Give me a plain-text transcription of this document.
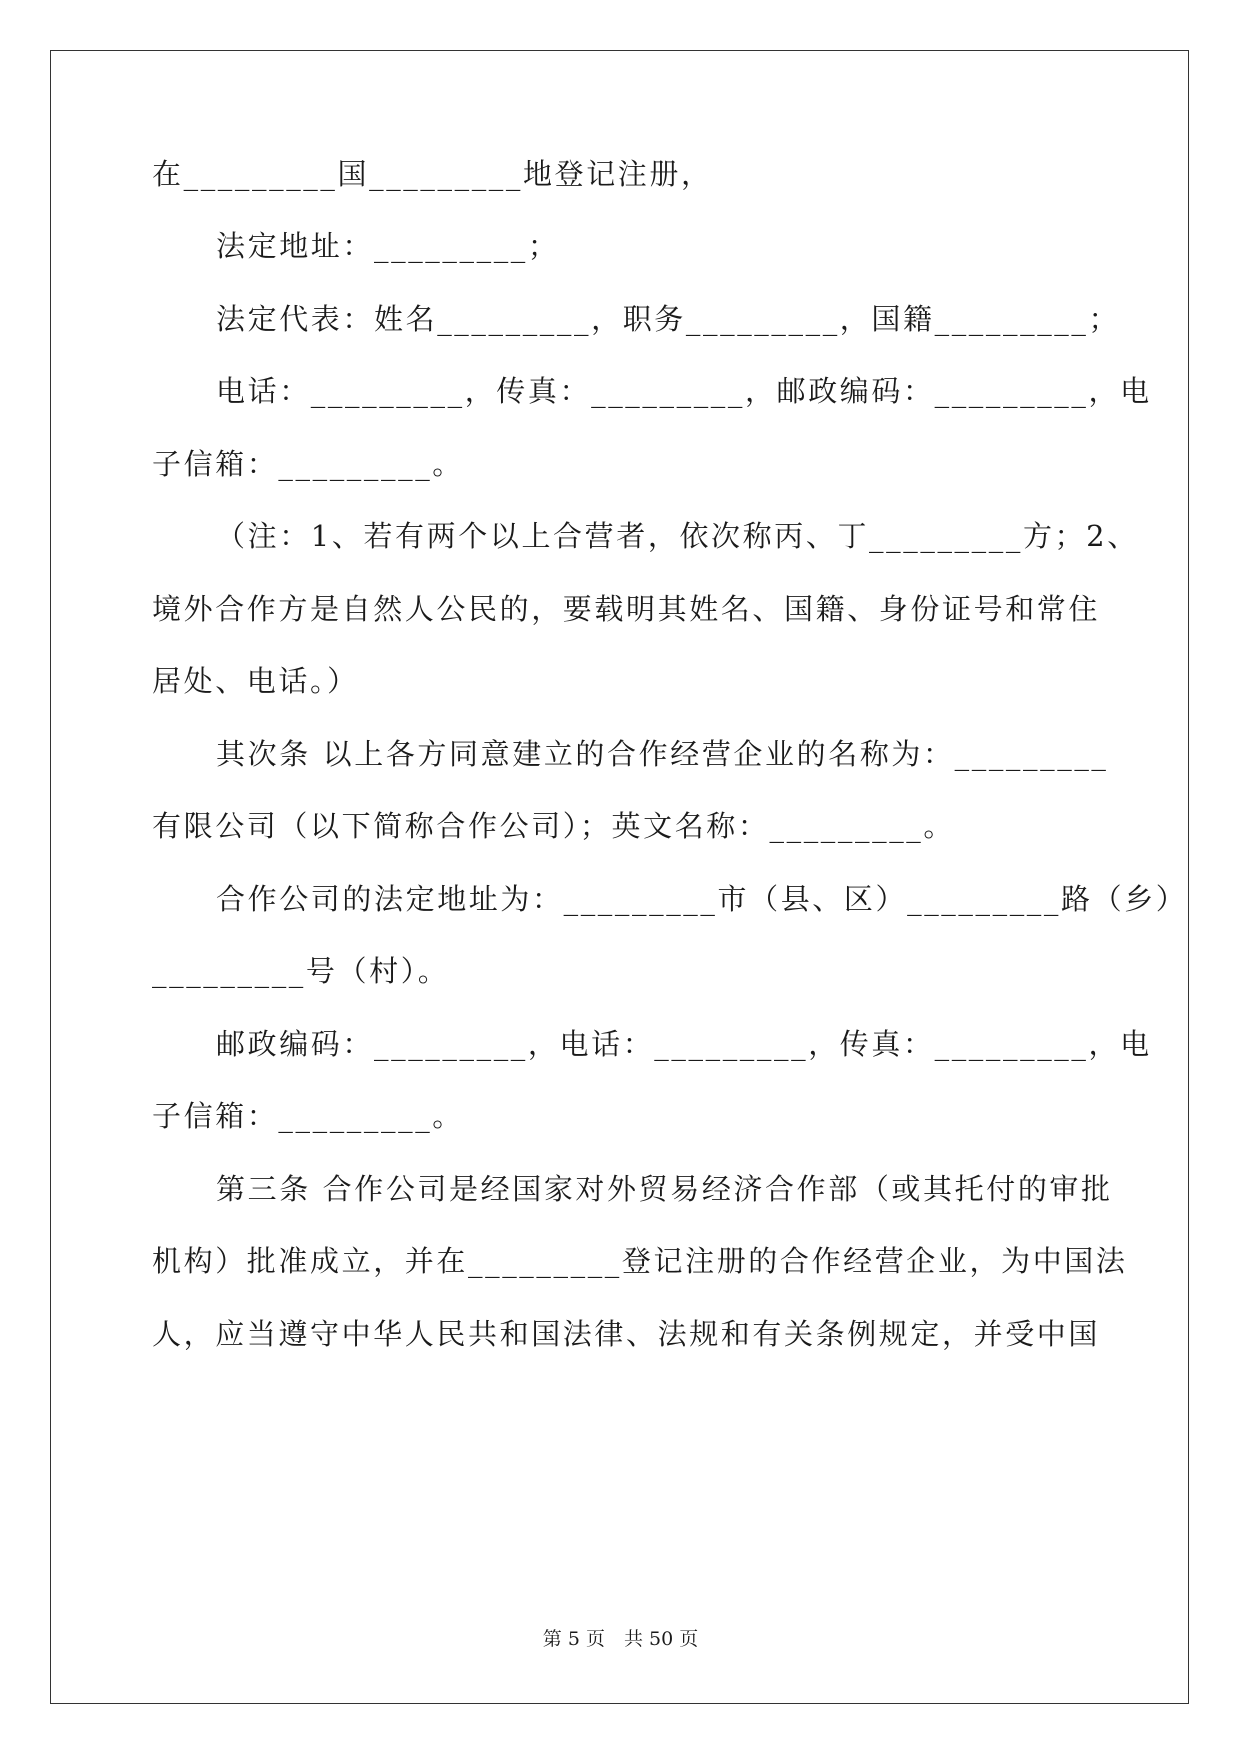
在_________国_________地登记注册，
法定地址：_________；
法定代表：姓名_________，职务_________，国籍_________；
电话：_________，传真：_________，邮政编码：_________，电
子信箱：_________。
（注：1、若有两个以上合营者，依次称丙、丁_________方；2、
境外合作方是自然人公民的，要载明其姓名、国籍、身份证号和常住
居处、电话。）
其次条 以上各方同意建立的合作经营企业的名称为：_________
有限公司（以下简称合作公司）；英文名称：_________。
合作公司的法定地址为：_________市（县、区）_________路（乡）
_________号（村）。
邮政编码：_________，电话：_________，传真：_________，电
子信箱：_________。
第三条 合作公司是经国家对外贸易经济合作部（或其托付的审批
机构）批准成立，并在_________登记注册的合作经营企业，为中国法
人，应当遵守中华人民共和国法律、法规和有关条例规定，并受中国
第 5 页　共 50 页
